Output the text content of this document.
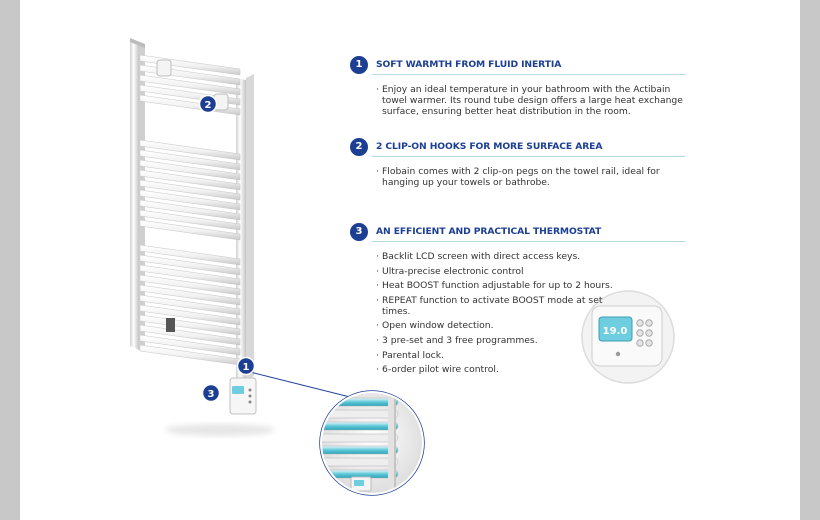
19.0
2
1
3
1	SOFT WARMTH FROM FLUID INERTIA
· Enjoy an ideal temperature in your bathroom with the Actibain towel warmer. Its round tube design offers a large heat exchange surface, ensuring better heat distribution in the room.
2	2 CLIP-ON HOOKS FOR MORE SURFACE AREA
· Flobain comes with 2 clip-on pegs on the towel rail, ideal for hanging up your towels or bathrobe.
3	AN EFFICIENT AND PRACTICAL THERMOSTAT
· Backlit LCD screen with direct access keys.
· Ultra-precise electronic control
· Heat BOOST function adjustable for up to 2 hours.
· REPEAT function to activate BOOST mode at set times.
· Open window detection.
· 3 pre-set and 3 free programmes.
· Parental lock.
· 6-order pilot wire control.
